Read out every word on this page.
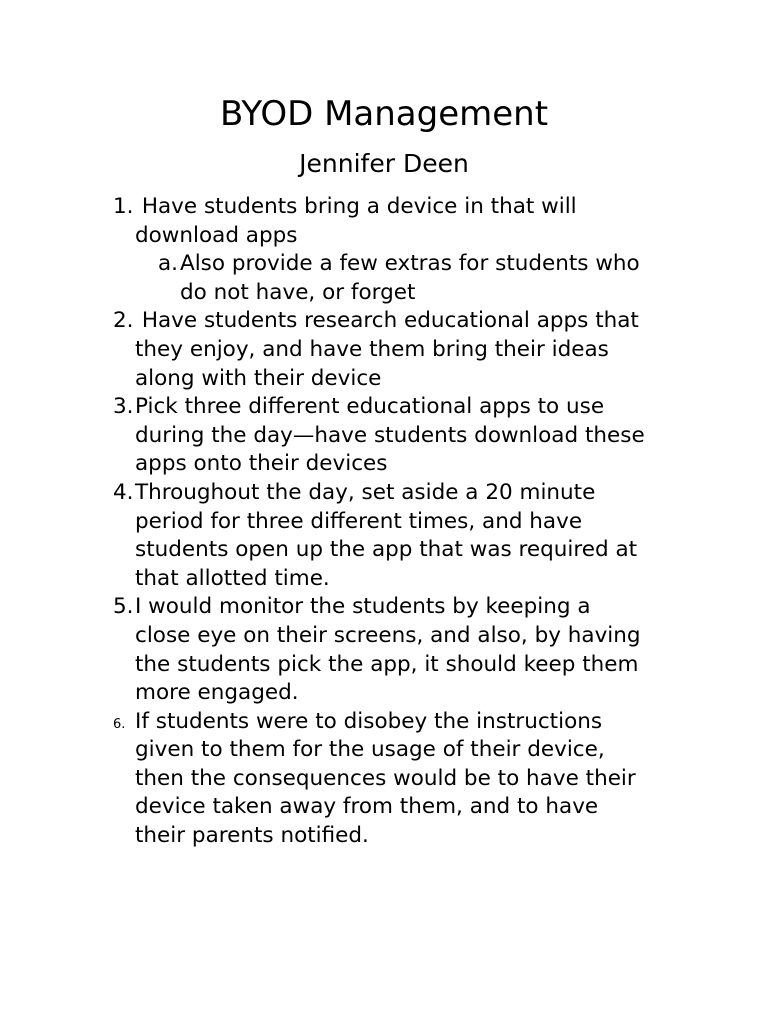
BYOD Management
Jennifer Deen
1. Have students bring a device in that will
download apps
a. Also provide a few extras for students who
do not have, or forget
2. Have students research educational apps that
they enjoy, and have them bring their ideas
along with their device
3. Pick three different educational apps to use
during the day—have students download these
apps onto their devices
4. Throughout the day, set aside a 20 minute
period for three different times, and have
students open up the app that was required at
that allotted time.
5. I would monitor the students by keeping a
close eye on their screens, and also, by having
the students pick the app, it should keep them
more engaged.
6. If students were to disobey the instructions
given to them for the usage of their device,
then the consequences would be to have their
device taken away from them, and to have
their parents notified.
